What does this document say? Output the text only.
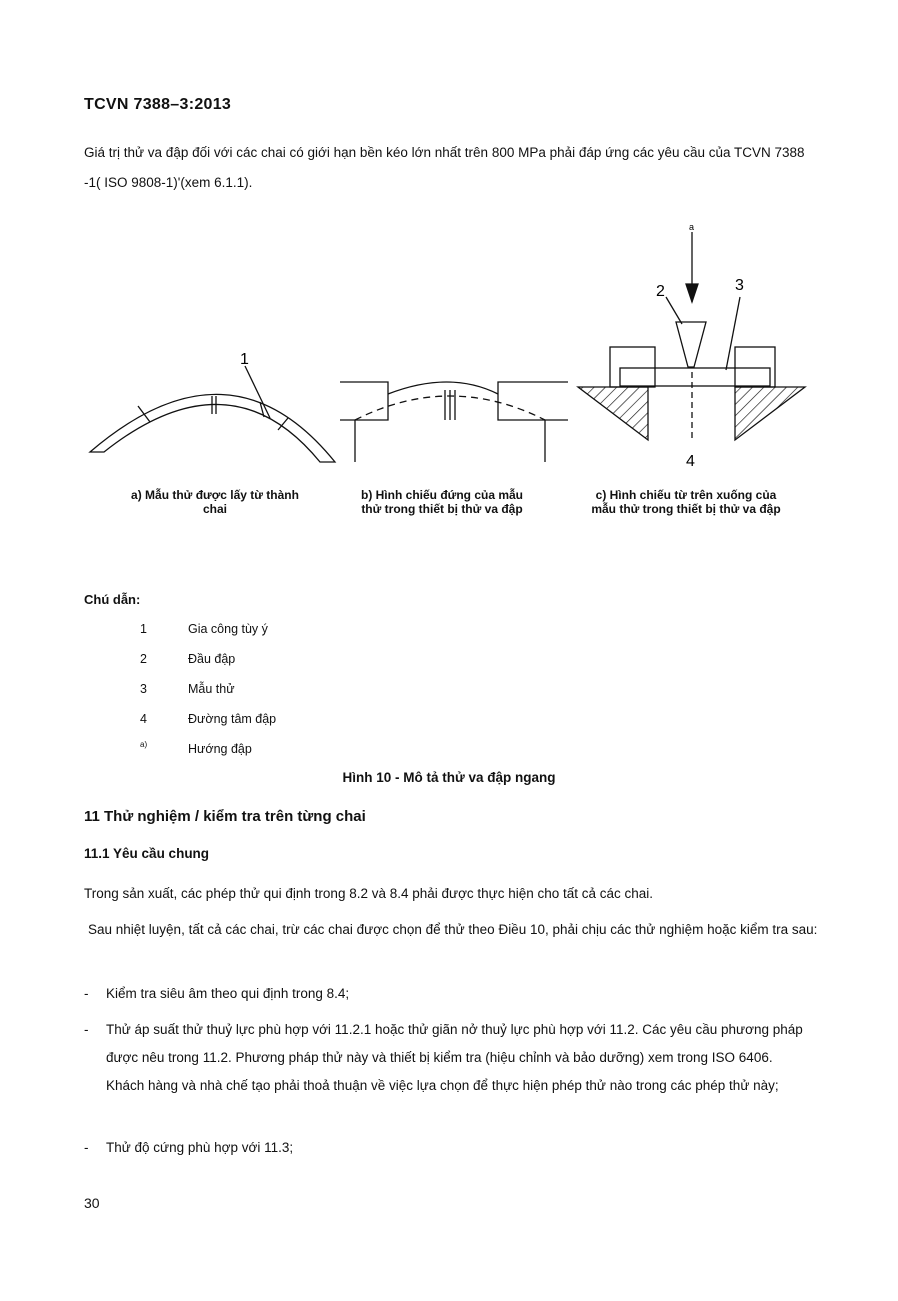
TCVN 7388–3:2013
Giá trị thử va đập đối với các chai có giới hạn bền kéo lớn nhất trên 800 MPa phải đáp ứng các yêu cầu của TCVN 7388 -1( ISO 9808-1)'(xem 6.1.1).
1
a
2	3
4
a) Mẫu thử được lấy từ thành chai
b) Hình chiếu đứng của mẫu thử trong thiết bị thử va đập
c) Hình chiếu từ trên xuống của mẫu thử trong thiết bị thử va đập
Chú dẫn:
1	Gia công tùy ý
2	Đầu đập
3	Mẫu thử
4	Đường tâm đập
a)	Hướng đập
Hình 10 - Mô tả thử va đập ngang
11 Thử nghiệm / kiểm tra trên từng chai
11.1 Yêu cầu chung
Trong sản xuất, các phép thử qui định trong 8.2 và 8.4 phải được thực hiện cho tất cả các chai.
Sau nhiệt luyện, tất cả các chai, trừ các chai được chọn để thử theo Điều 10, phải chịu các thử nghiệm hoặc kiểm tra sau:
-	Kiểm tra siêu âm theo qui định trong 8.4;
-	Thử áp suất thử thuỷ lực phù hợp với 11.2.1 hoặc thử giãn nở thuỷ lực phù hợp với 11.2. Các yêu cầu phương pháp được nêu trong 11.2. Phương pháp thử này và thiết bị kiểm tra (hiệu chỉnh và bảo dưỡng) xem trong ISO 6406. Khách hàng và nhà chế tạo phải thoả thuận về việc lựa chọn để thực hiện phép thử nào trong các phép thử này;
-	Thử độ cứng phù hợp với 11.3;
30
